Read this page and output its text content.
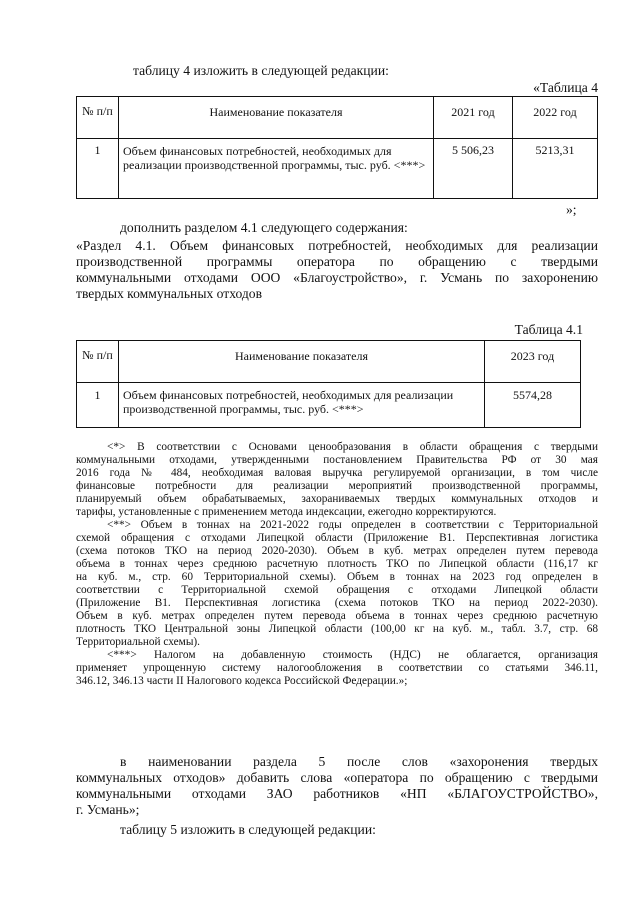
таблицу 4 изложить в следующей редакции:
«Таблица 4
№ п/п	Наименование показателя	2021 год	2022 год
1	Объем финансовых потребностей, необходимых для реализации производственной программы, тыс. руб. <***>	5 506,23	5213,31
»;
дополнить разделом 4.1 следующего содержания:
«Раздел 4.1. Объем финансовых потребностей, необходимых для реализации
производственной программы оператора по обращению с твердыми
коммунальными отходами ООО «Благоустройство», г. Усмань по захоронению
твердых коммунальных отходов
Таблица 4.1
№ п/п	Наименование показателя	2023 год
1	Объем финансовых потребностей, необходимых для реализации производственной программы, тыс. руб. <***>	5574,28
<*> В соответствии с Основами ценообразования в области обращения с твердыми
коммунальными отходами, утвержденными постановлением Правительства РФ от 30 мая
2016 года № 484, необходимая валовая выручка регулируемой организации, в том числе
финансовые потребности для реализации мероприятий производственной программы,
планируемый объем обрабатываемых, захораниваемых твердых коммунальных отходов и
тарифы, установленные с применением метода индексации, ежегодно корректируются.
<**> Объем в тоннах на 2021-2022 годы определен в соответствии с Территориальной
схемой обращения с отходами Липецкой области (Приложение В1. Перспективная логистика
(схема потоков ТКО на период 2020-2030). Объем в куб. метрах определен путем перевода
объема в тоннах через среднюю расчетную плотность ТКО по Липецкой области (116,17 кг
на куб. м., стр. 60 Территориальной схемы). Объем в тоннах на 2023 год определен в
соответствии с Территориальной схемой обращения с отходами Липецкой области
(Приложение В1. Перспективная логистика (схема потоков ТКО на период 2022-2030).
Объем в куб. метрах определен путем перевода объема в тоннах через среднюю расчетную
плотность ТКО Центральной зоны Липецкой области (100,00 кг на куб. м., табл. 3.7, стр. 68
Территориальной схемы).
<***> Налогом на добавленную стоимость (НДС) не облагается, организация
применяет упрощенную систему налогообложения в соответствии со статьями 346.11,
346.12, 346.13 части II Налогового кодекса Российской Федерации.»;
в наименовании раздела 5 после слов «захоронения твердых
коммунальных отходов» добавить слова «оператора по обращению с твердыми
коммунальными отходами ЗАО работников «НП «БЛАГОУСТРОЙСТВО»,
г. Усмань»;
таблицу 5 изложить в следующей редакции:
